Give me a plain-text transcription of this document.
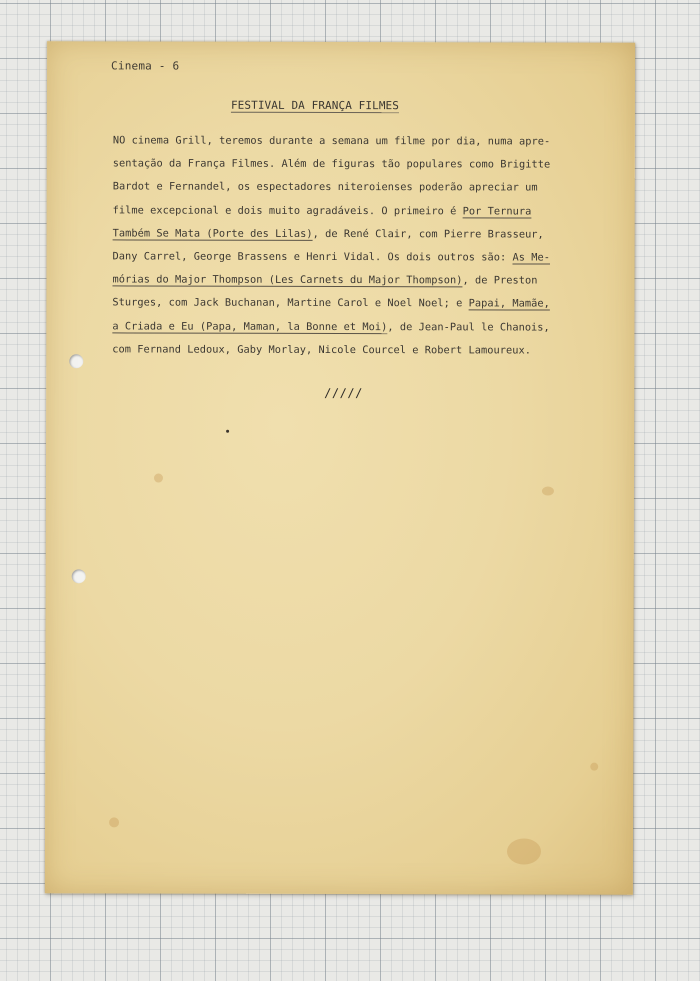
Cinema - 6
FESTIVAL DA FRANÇA FILMES
NO cinema Grill, teremos durante a semana um filme por dia, numa apre-
sentação da França Filmes. Além de figuras tão populares como Brigitte
Bardot e Fernandel, os espectadores niteroienses poderão apreciar um
filme excepcional e dois muito agradáveis. O primeiro é Por Ternura
Também Se Mata (Porte des Lilas), de René Clair, com Pierre Brasseur,
Dany Carrel, George Brassens e Henri Vidal. Os dois outros são: As Me-
mórias do Major Thompson (Les Carnets du Major Thompson), de Preston
Sturges, com Jack Buchanan, Martine Carol e Noel Noel; e Papai, Mamãe,
a Criada e Eu (Papa, Maman, la Bonne et Moi), de Jean-Paul le Chanois,
com Fernand Ledoux, Gaby Morlay, Nicole Courcel e Robert Lamoureux.
/////
